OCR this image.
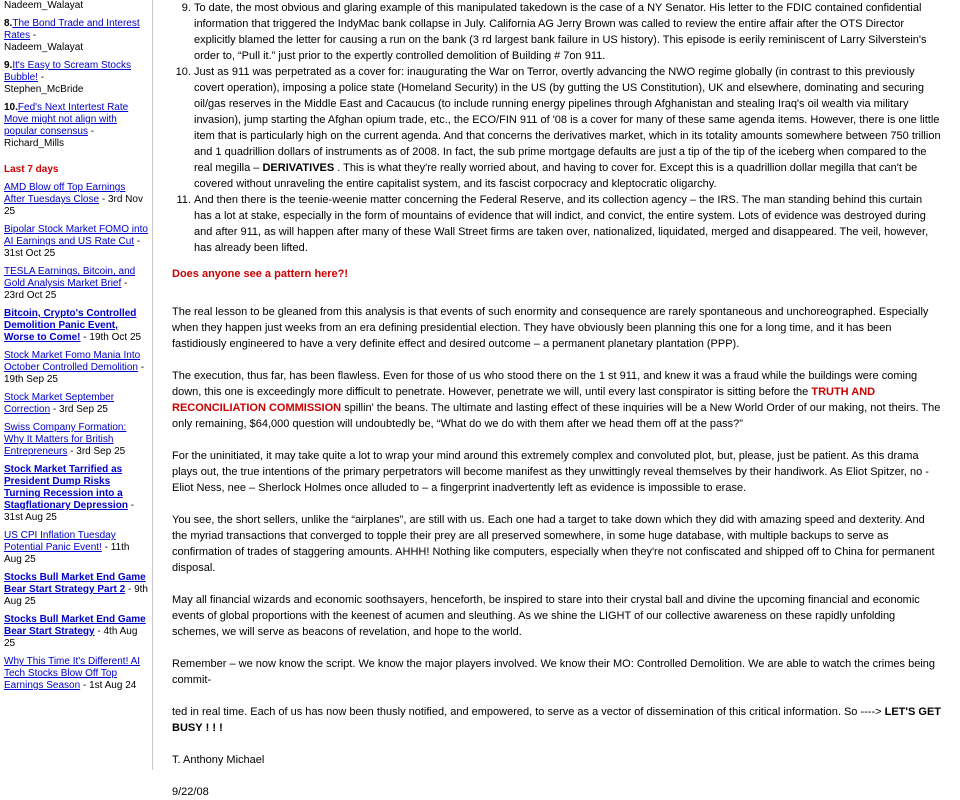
Nadeem_Walayat
8.The Bond Trade and Interest Rates -
Nadeem_Walayat
9.It's Easy to Scream Stocks Bubble! -
Stephen_McBride
10.Fed's Next Intertest Rate Move might not align with popular consensus -
Richard_Mills
Last 7 days
AMD Blow off Top Earnings After Tuesdays Close - 3rd Nov 25
Bipolar Stock Market FOMO into AI Earnings and US Rate Cut - 31st Oct 25
TESLA Earnings, Bitcoin, and Gold Analysis Market Brief - 23rd Oct 25
Bitcoin, Crypto's Controlled Demolition Panic Event, Worse to Come! - 19th Oct 25
Stock Market Fomo Mania Into October Controlled Demolition - 19th Sep 25
Stock Market September Correction - 3rd Sep 25
Swiss Company Formation: Why It Matters for British Entrepreneurs - 3rd Sep 25
Stock Market Tarrified as President Dump Risks Turning Recession into a Stagflationary Depression - 31st Aug 25
US CPI Inflation Tuesday Potential Panic Event! - 11th Aug 25
Stocks Bull Market End Game Bear Start Strategy Part 2 - 9th Aug 25
Stocks Bull Market End Game Bear Start Strategy - 4th Aug 25
Why This Time It's Different! AI Tech Stocks Blow Off Top Earnings Season - 1st Aug 24
9. To date, the most obvious and glaring example of this manipulated takedown is the case of a NY Senator. His letter to the FDIC contained confidential information that triggered the IndyMac bank collapse in July. California AG Jerry Brown was called to review the entire affair after the OTS Director explicitly blamed the letter for causing a run on the bank (3 rd largest bank failure in US history). This episode is eerily reminiscent of Larry Silverstein's order to, “Pull it.” just prior to the expertly controlled demolition of Building # 7on 911.
10. Just as 911 was perpetrated as a cover for: inaugurating the War on Terror, overtly advancing the NWO regime globally (in contrast to this previously covert operation), imposing a police state (Homeland Security) in the US (by gutting the US Constitution), UK and elsewhere, dominating and securing oil/gas reserves in the Middle East and Cacaucus (to include running energy pipelines through Afghanistan and stealing Iraq's oil wealth via military invasion), jump starting the Afghan opium trade, etc., the ECO/FIN 911 of '08 is a cover for many of these same agenda items. However, there is one little item that is particularly high on the current agenda. And that concerns the derivatives market, which in its totality amounts somewhere between 750 trillion and 1 quadrillion dollars of instruments as of 2008. In fact, the sub prime mortgage defaults are just a tip of the tip of the iceberg when compared to the real megilla – DERIVATIVES . This is what they're really worried about, and having to cover for. Except this is a quadrillion dollar megilla that can't be covered without unraveling the entire capitalist system, and its fascist corpocracy and kleptocratic oligarchy.
11. And then there is the teenie-weenie matter concerning the Federal Reserve, and its collection agency – the IRS. The man standing behind this curtain has a lot at stake, especially in the form of mountains of evidence that will indict, and convict, the entire system. Lots of evidence was destroyed during and after 911, as will happen after many of these Wall Street firms are taken over, nationalized, liquidated, merged and disappeared. The veil, however, has already been lifted.

Does anyone see a pattern here?!

The real lesson to be gleaned from this analysis is that events of such enormity and consequence are rarely spontaneous and unchoreographed. Especially when they happen just weeks from an era defining presidential election. They have obviously been planning this one for a long time, and it has been fastidiously engineered to have a very definite effect and desired outcome – a permanent planetary plantation (PPP).

The execution, thus far, has been flawless. Even for those of us who stood there on the 1 st 911, and knew it was a fraud while the buildings were coming down, this one is exceedingly more difficult to penetrate. However, penetrate we will, until every last conspirator is sitting before the TRUTH AND RECONCILIATION COMMISSION spillin' the beans. The ultimate and lasting effect of these inquiries will be a New World Order of our making, not theirs. The only remaining, $64,000 question will undoubtedly be, “What do we do with them after we head them off at the pass?”

For the uninitiated, it may take quite a lot to wrap your mind around this extremely complex and convoluted plot, but, please, just be patient. As this drama plays out, the true intentions of the primary perpetrators will become manifest as they unwittingly reveal themselves by their handiwork. As Eliot Spitzer, no - Eliot Ness, nee – Sherlock Holmes once alluded to – a fingerprint inadvertently left as evidence is impossible to erase.

You see, the short sellers, unlike the “airplanes”, are still with us. Each one had a target to take down which they did with amazing speed and dexterity. And the myriad transactions that converged to topple their prey are all preserved somewhere, in some huge database, with multiple backups to serve as confirmation of trades of staggering amounts. AHHH! Nothing like computers, especially when they're not confiscated and shipped off to China for permanent disposal.

May all financial wizards and economic soothsayers, henceforth, be inspired to stare into their crystal ball and divine the upcoming financial and economic events of global proportions with the keenest of acumen and sleuthing. As we shine the LIGHT of our collective awareness on these rapidly unfolding schemes, we will serve as beacons of revelation, and hope to the world.

Remember – we now know the script. We know the major players involved. We know their MO: Controlled Demolition. We are able to watch the crimes being commit-

ted in real time. Each of us has now been thusly notified, and empowered, to serve as a vector of dissemination of this critical information. So ----> LET'S GET BUSY ! ! !

T. Anthony Michael

9/22/08
